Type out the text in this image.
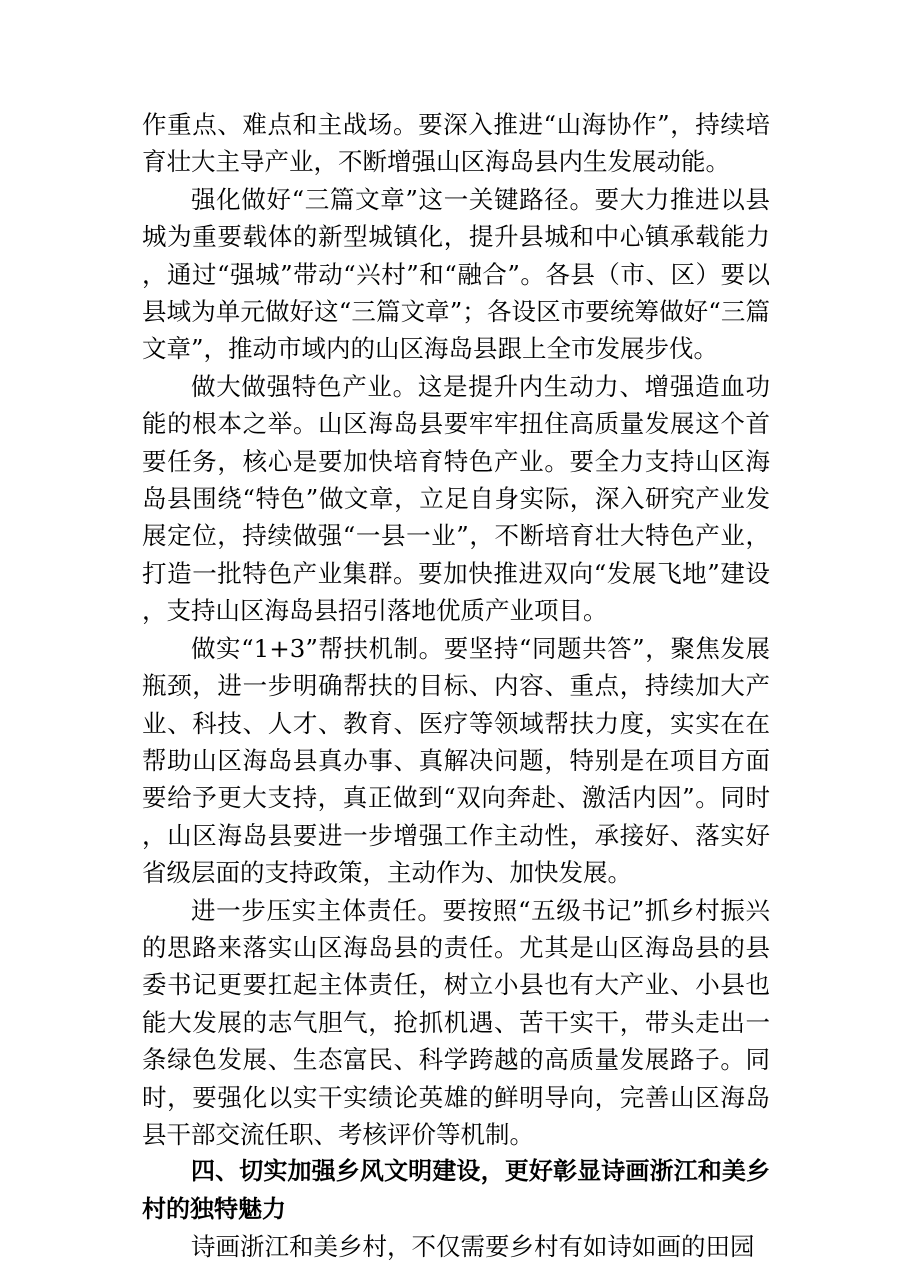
作重点、难点和主战场。要深入推进“山海协作”，持续培育壮大主导产业，不断增强山区海岛县内生发展动能。

强化做好“三篇文章”这一关键路径。要大力推进以县城为重要载体的新型城镇化，提升县城和中心镇承载能力，通过“强城”带动“兴村”和“融合”。各县（市、区）要以县域为单元做好这“三篇文章”；各设区市要统筹做好“三篇文章”，推动市域内的山区海岛县跟上全市发展步伐。

做大做强特色产业。这是提升内生动力、增强造血功能的根本之举。山区海岛县要牢牢扭住高质量发展这个首要任务，核心是要加快培育特色产业。要全力支持山区海岛县围绕“特色”做文章，立足自身实际，深入研究产业发展定位，持续做强“一县一业”，不断培育壮大特色产业，打造一批特色产业集群。要加快推进双向“发展飞地”建设，支持山区海岛县招引落地优质产业项目。

做实“1+3”帮扶机制。要坚持“同题共答”，聚焦发展瓶颈，进一步明确帮扶的目标、内容、重点，持续加大产业、科技、人才、教育、医疗等领域帮扶力度，实实在在帮助山区海岛县真办事、真解决问题，特别是在项目方面要给予更大支持，真正做到“双向奔赴、激活内因”。同时，山区海岛县要进一步增强工作主动性，承接好、落实好省级层面的支持政策，主动作为、加快发展。

进一步压实主体责任。要按照“五级书记”抓乡村振兴的思路来落实山区海岛县的责任。尤其是山区海岛县的县委书记更要扛起主体责任，树立小县也有大产业、小县也能大发展的志气胆气，抢抓机遇、苦干实干，带头走出一条绿色发展、生态富民、科学跨越的高质量发展路子。同时，要强化以实干实绩论英雄的鲜明导向，完善山区海岛县干部交流任职、考核评价等机制。

四、切实加强乡风文明建设，更好彰显诗画浙江和美乡村的独特魅力

诗画浙江和美乡村，不仅需要乡村有如诗如画的田园
